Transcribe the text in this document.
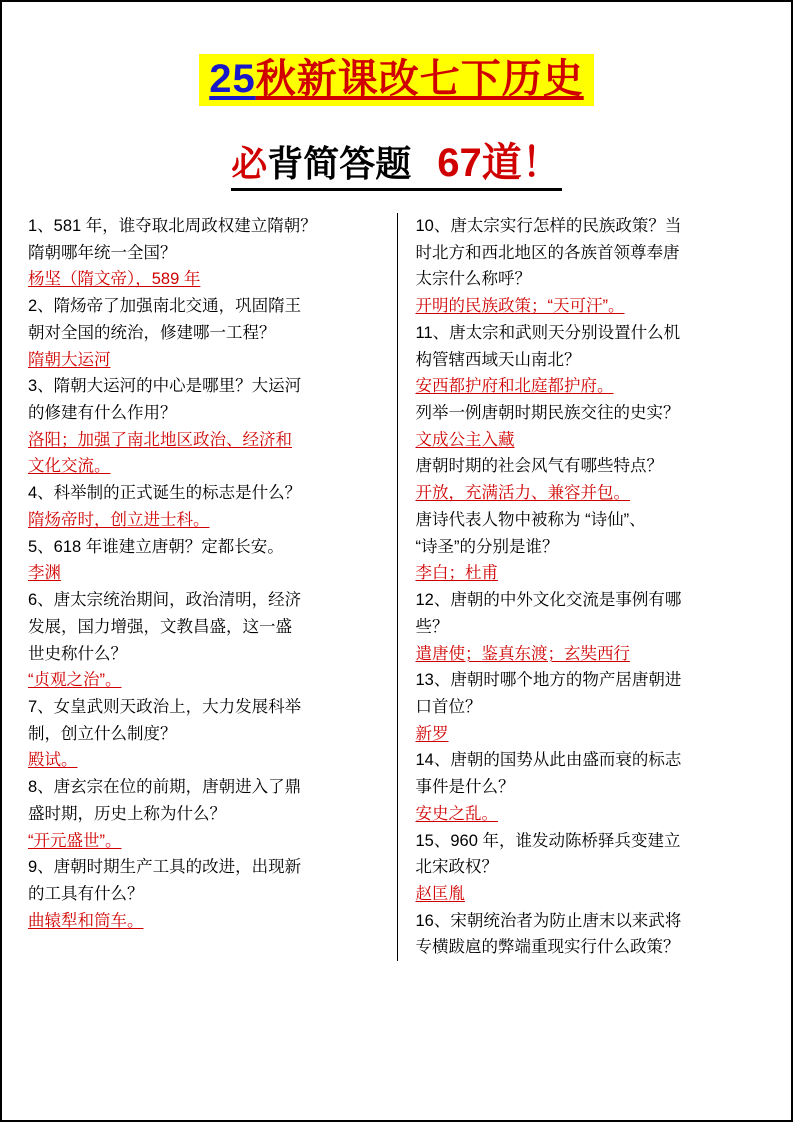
25秋新课改七下历史
必背简答题 67道！

1、581 年，谁夺取北周政权建立隋朝？

隋朝哪年统一全国？

杨坚（隋文帝），589 年

2、隋炀帝了加强南北交通，巩固隋王

朝对全国的统治，修建哪一工程？

隋朝大运河

3、隋朝大运河的中心是哪里？大运河

的修建有什么作用？

洛阳；加强了南北地区政治、经济和

文化交流。

4、科举制的正式诞生的标志是什么？

隋炀帝时，创立进士科。

5、618 年谁建立唐朝？定都长安。

李渊

6、唐太宗统治期间，政治清明，经济

发展，国力增强，文教昌盛，这一盛

世史称什么？

“贞观之治”。

7、女皇武则天政治上，大力发展科举

制，创立什么制度？

殿试。

8、唐玄宗在位的前期，唐朝进入了鼎

盛时期，历史上称为什么？

“开元盛世”。

9、唐朝时期生产工具的改进，出现新

的工具有什么？

曲辕犁和筒车。

10、唐太宗实行怎样的民族政策？当

时北方和西北地区的各族首领尊奉唐

太宗什么称呼？

开明的民族政策；“天可汗”。

11、唐太宗和武则天分别设置什么机

构管辖西域天山南北？

安西都护府和北庭都护府。

列举一例唐朝时期民族交往的史实？

文成公主入藏

唐朝时期的社会风气有哪些特点？

开放，充满活力、兼容并包。

唐诗代表人物中被称为 “诗仙”、

“诗圣”的分别是谁？

李白；杜甫

12、唐朝的中外文化交流是事例有哪

些？

遣唐使；鉴真东渡；玄奘西行

13、唐朝时哪个地方的物产居唐朝进

口首位？

新罗

14、唐朝的国势从此由盛而衰的标志

事件是什么？

安史之乱。

15、960 年，谁发动陈桥驿兵变建立

北宋政权？

赵匡胤

16、宋朝统治者为防止唐末以来武将

专横跋扈的弊端重现实行什么政策？
